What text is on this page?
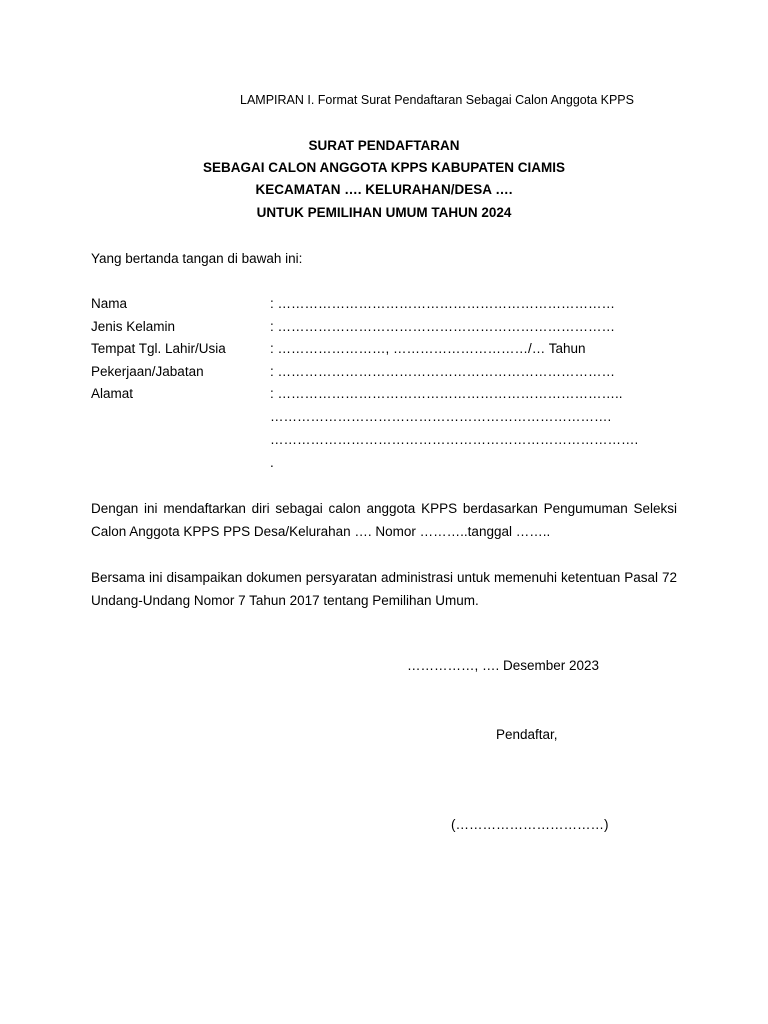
LAMPIRAN I. Format Surat Pendaftaran Sebagai Calon Anggota KPPS
SURAT PENDAFTARAN
SEBAGAI CALON ANGGOTA KPPS KABUPATEN CIAMIS
KECAMATAN …. KELURAHAN/DESA ….
UNTUK PEMILIHAN UMUM TAHUN 2024
Yang bertanda tangan di bawah ini:
Nama	: …………………………………………………………………
Jenis Kelamin	: …………………………………………………………………
Tempat Tgl. Lahir/Usia	: ……………………, …………………………/… Tahun
Pekerjaan/Jabatan	: …………………………………………………………………
Alamat	: …………………………………………………………………..
………………………………………………………………….
……………………………………………………………………….
.
Dengan ini mendaftarkan diri sebagai calon anggota KPPS berdasarkan Pengumuman Seleksi Calon Anggota KPPS PPS Desa/Kelurahan …. Nomor ………..tanggal ……..
Bersama ini disampaikan dokumen persyaratan administrasi untuk memenuhi ketentuan Pasal 72 Undang-Undang Nomor 7 Tahun 2017 tentang Pemilihan Umum.
……………, …. Desember 2023
Pendaftar,
(……………………………)
